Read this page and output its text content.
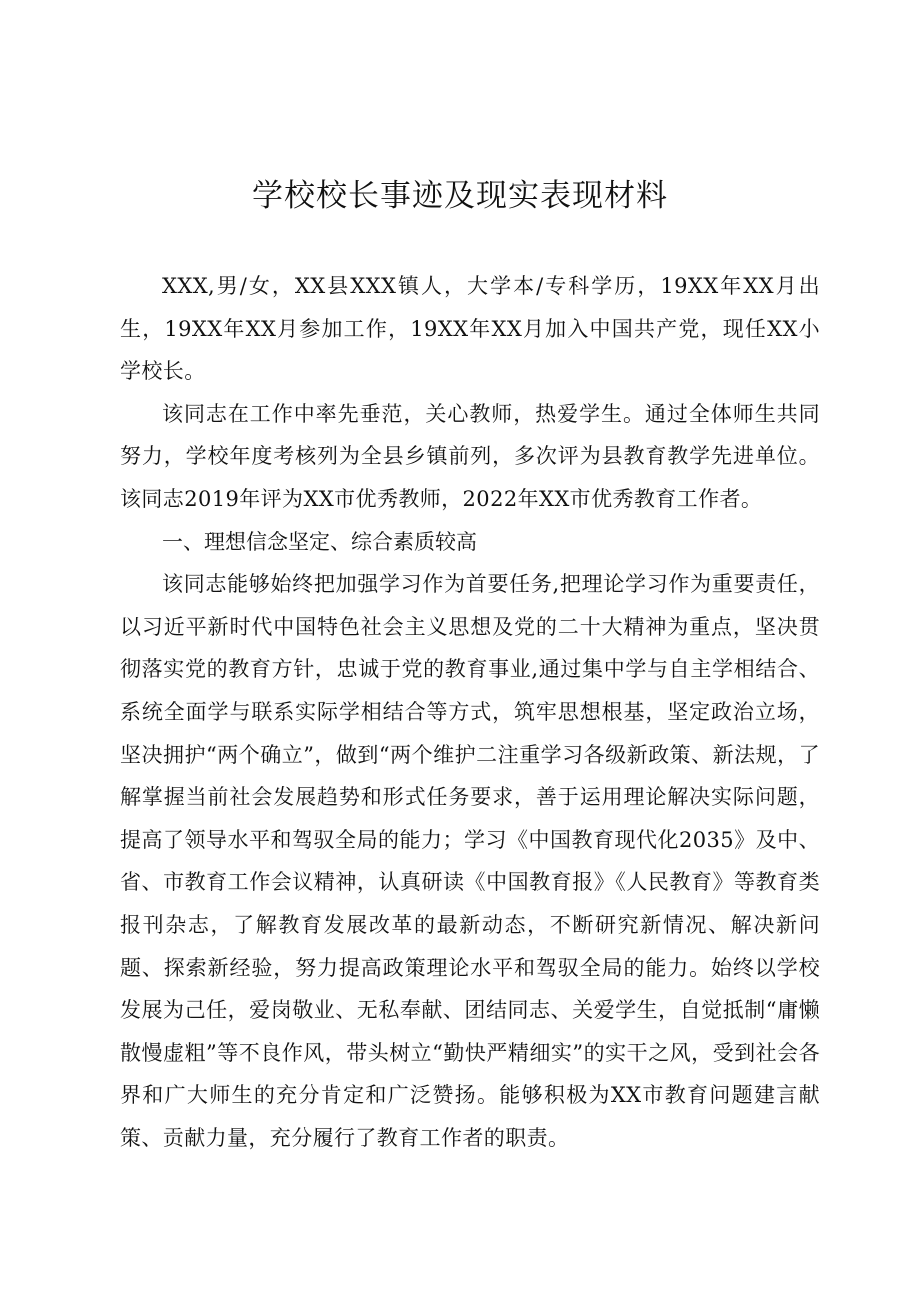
学校校长事迹及现实表现材料

XXX,男/女，XX县XXX镇人，大学本/专科学历，19XX年XX月出生，19XX年XX月参加工作，19XX年XX月加入中国共产党，现任XX小学校长。

该同志在工作中率先垂范，关心教师，热爱学生。通过全体师生共同努力，学校年度考核列为全县乡镇前列，多次评为县教育教学先进单位。该同志2019年评为XX市优秀教师，2022年XX市优秀教育工作者。

一、理想信念坚定、综合素质较高

该同志能够始终把加强学习作为首要任务,把理论学习作为重要责任，以习近平新时代中国特色社会主义思想及党的二十大精神为重点，坚决贯彻落实党的教育方针，忠诚于党的教育事业,通过集中学与自主学相结合、系统全面学与联系实际学相结合等方式，筑牢思想根基，坚定政治立场，坚决拥护“两个确立”，做到“两个维护二注重学习各级新政策、新法规，了解掌握当前社会发展趋势和形式任务要求，善于运用理论解决实际问题，提高了领导水平和驾驭全局的能力；学习《中国教育现代化2035》及中、省、市教育工作会议精神，认真研读《中国教育报》《人民教育》等教育类报刊杂志，了解教育发展改革的最新动态，不断研究新情况、解决新问题、探索新经验，努力提高政策理论水平和驾驭全局的能力。始终以学校发展为己任，爱岗敬业、无私奉献、团结同志、关爱学生，自觉抵制“庸懒散慢虚粗”等不良作风，带头树立“勤快严精细实”的实干之风，受到社会各界和广大师生的充分肯定和广泛赞扬。能够积极为XX市教育问题建言献策、贡献力量，充分履行了教育工作者的职责。
